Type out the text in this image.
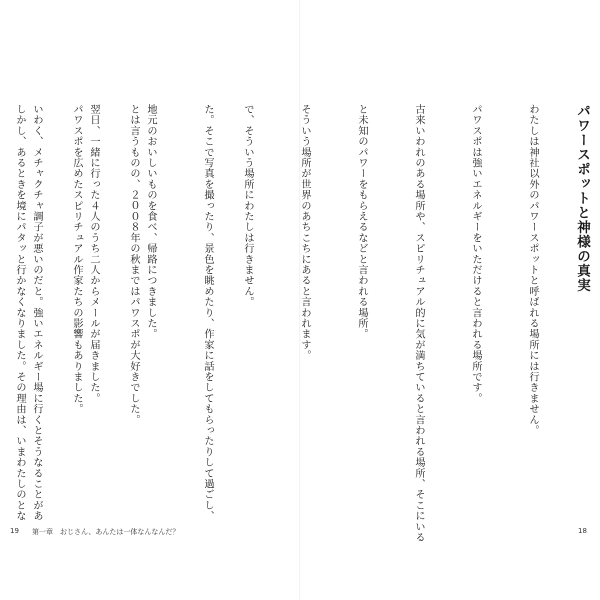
パワースポットと神様の真実

わたしは神社以外のパワースポットと呼ばれる場所には行きません。

パワスポは強いエネルギーをいただけると言われる場所です。

古来いわれのある場所や、スピリチュアル的に気が満ちていると言われる場所、そこにいる

と未知のパワーをもらえるなどと言われる場所。

そういう場所が世界のあちこちにあると言われます。

で、そういう場所にわたしは行きません。

とは言うものの、２００８年の秋まではパワスポが大好きでした。

パワスポを広めたスピリチュアル作家たちの影響もありました。

しかし、あるときを境にパタッと行かなくなりました。その理由は、いまわたしのとな

	た。そこで写真を撮ったり、景色を眺めたり、作家に話をしてもらったりして過ごし、

地元のおいしいものを食べ、帰路につきました。

翌日、一緒に行った４人のうち二人からメールが届きました。

いわく、メチャクチャ調子が悪いのだと。強いエネルギー場に行くとそうなることがあ

19 第一章 おじさん、あんたは一体なんなんだ？	18
